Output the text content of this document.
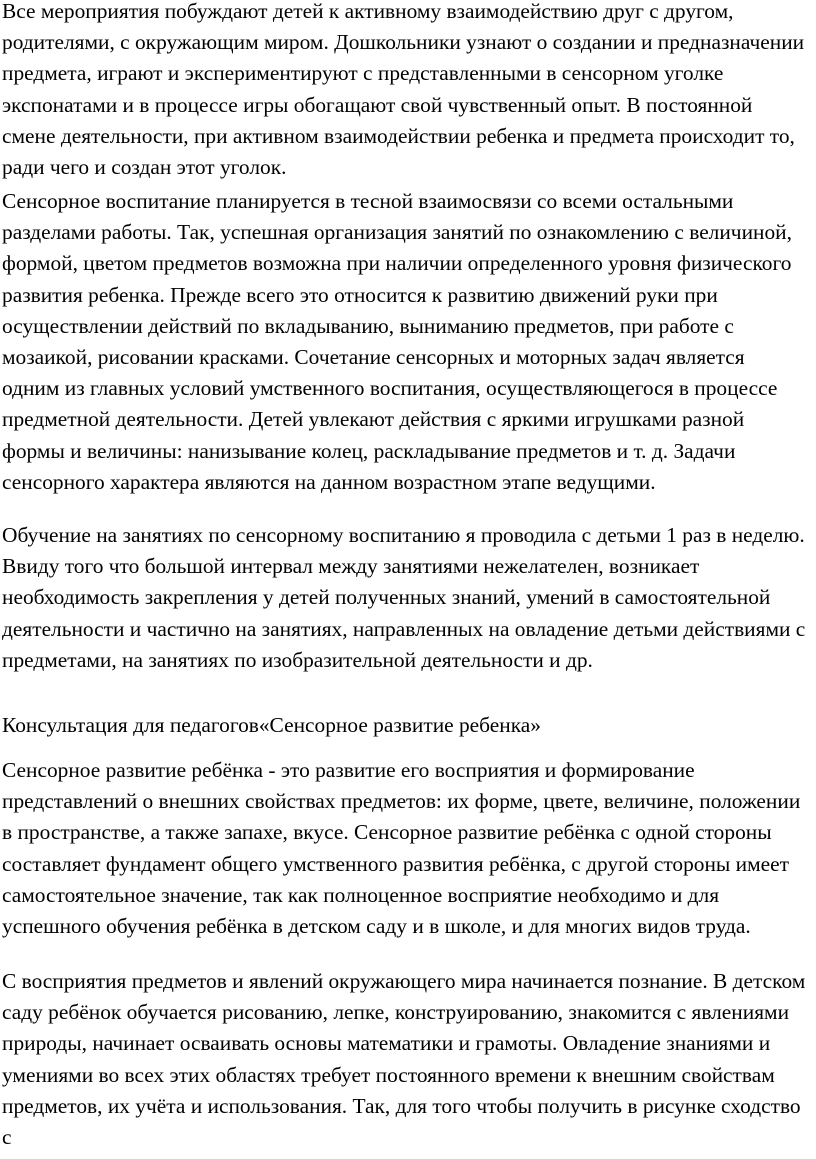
Все мероприятия побуждают детей к активному взаимодействию друг с другом, родителями, с окружающим миром. Дошкольники узнают о создании и предназначении предмета, играют и экспериментируют с представленными в сенсорном уголке экспонатами и в процессе игры обогащают свой чувственный опыт. В постоянной смене деятельности, при активном взаимодействии ребенка и предмета происходит то, ради чего и создан этот уголок.

Сенсорное воспитание планируется в тесной взаимосвязи со всеми остальными разделами работы. Так, успешная организация занятий по ознакомлению с величиной, формой, цветом предметов возможна при наличии определенного уровня физического развития ребенка. Прежде всего это относится к развитию движений руки при осуществлении действий по вкладыванию, выниманию предметов, при работе с мозаикой, рисовании красками. Сочетание сенсорных и моторных задач является одним из главных условий умственного воспитания, осуществляющегося в процессе предметной деятельности. Детей увлекают действия с яркими игрушками разной формы и величины: нанизывание колец, раскладывание предметов и т. д. Задачи сенсорного характера являются на данном возрастном этапе ведущими.

Обучение на занятиях по сенсорному воспитанию я проводила с детьми 1 раз в неделю. Ввиду того что большой интервал между занятиями нежелателен, возникает необходимость закрепления у детей полученных знаний, умений в самостоятельной деятельности и частично на занятиях, направленных на овладение детьми действиями с предметами, на занятиях по изобразительной деятельности и др.

Консультация для педагогов«Сенсорное развитие ребенка»

Сенсорное развитие ребёнка - это развитие его восприятия и формирование представлений о внешних свойствах предметов: их форме, цвете, величине, положении в пространстве, а также запахе, вкусе. Сенсорное развитие ребёнка с одной стороны составляет фундамент общего умственного развития ребёнка, с другой стороны имеет самостоятельное значение, так как полноценное восприятие необходимо и для успешного обучения ребёнка в детском саду и в школе, и для многих видов труда.

С восприятия предметов и явлений окружающего мира начинается познание. В детском саду ребёнок обучается рисованию, лепке, конструированию, знакомится с явлениями природы, начинает осваивать основы математики и грамоты. Овладение знаниями и умениями во всех этих областях требует постоянного времени к внешним свойствам предметов, их учёта и использования. Так, для того чтобы получить в рисунке сходство с
